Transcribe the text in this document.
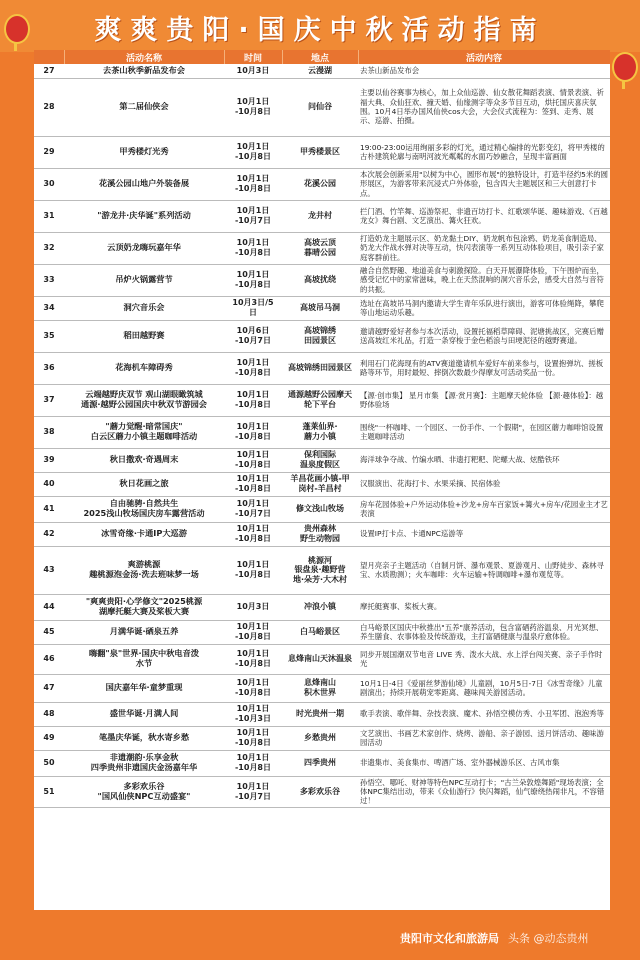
爽爽贵阳·国庆中秋活动指南
	活动名称	时间	地点	活动内容
27	去茶山秋季新品发布会	10月3日	云漫湖	去茶山新品发布会
28	第二届仙侠会	10月1日
-10月8日	问仙谷	主要以仙谷赛事为核心，加上众仙巡游、仙女散花舞蹈表演、情景表演、祈福大典、众仙狂欢、撞天婚、仙缘测字等众多节目互动，烘托国庆喜庆氛围。10月4日举办国风仙侠cos大会，大会仪式流程为：签到、走秀、展示、巡游、拍摄。
29	甲秀楼灯光秀	10月1日
-10月8日	甲秀楼景区	19:00-23:00运用绚丽多彩的灯光，通过精心编排的光影变幻，将甲秀楼的古朴建筑轮廓与南明河波光粼粼的水面巧妙融合，呈现丰富画面
30	花溪公园山地户外装备展	10月1日
-10月8日	花溪公园	本次展会创新采用"以树为中心，圆形布展"的独特设计，打造半径约5米的圆形展区，为游客带来沉浸式户外体验，包含四大主题展区和三大创意打卡点。
31	"游龙井·庆华诞"系列活动	10月1日
-10月7日	龙井村	拦门酒、竹竿舞、巡游祭祀、非遗百坊打卡、红歌颂华诞、趣味游戏、《百越龙女》舞台剧、文艺演出、篝火狂欢。
32	云顶奶龙嗨玩嘉年华	10月1日
-10月8日	高坡云顶
暮晴公园	打造奶龙主题展示区、奶龙黏土DIY、奶龙帆布包涂鸦、奶龙美食制造局、奶龙大作战水弹对决等互动，快闪表演等一系列互动体验项目，吸引亲子家庭客群前往。
33	吊炉火锅露营节	10月1日
-10月8日	高坡扰绕	融合自然野趣、地道美食与刺激探险。白天开展瀑降体验，下午围炉而坐，感受记忆中的家常滋味，晚上在天然混响的洞穴音乐会，感受大自然与音符的共振。
34	洞穴音乐会	10月3日/5
日	高坡吊马洞	选址在高坡吊马洞内邀请大学生青年乐队进行演出，游客可体验绳降，攀爬等山地运动乐趣。
35	稻田越野赛	10月6日
-10月7日	高坡锦绣
田园景区	邀请越野爱好者参与本次活动，设置托福稻草障碍、泥塘挑战区，完赛后赠送高坡红米礼品，打造一条穿梭于金色稻浪与田埂泥径的越野赛道。
36	花海机车障碍秀	10月1日
-10月8日	高坡锦绣田园景区	利用石门花海现有的ATV赛道邀请机车爱好车前来参与，设置抱弹坑、搓板路等环节，用时最短、摔倒次数最少得摩友可活动奖品一份。
37	云端越野庆双节 观山湖眼瞰筑城
通源·越野公园国庆中秋双节游园会	10月1日
-10月8日	通源越野公园摩天
轮下平台	【源·创市集】 星月市集 【源·赏月赛】：主题摩天轮体验 【源·趣体验】：越野体验场
38	"蘑力觉醒·暗常国庆"
白云区蘑力小镇主题咖啡活动	10月1日
-10月8日	蓬莱仙界·
蘑力小镇	围绕"一杯咖啡、一个园区、一份手作、一个假期"，在园区蘑力咖啡馆设置主题咖啡活动
39	秋日撒欢·奇遇周末	10月1日
-10月8日	保利国际
温泉度假区	海洋球争夺战、竹编水晒、非遗打粑粑、陀螺大战、炫酷铁环
40	秋日花画之旅	10月1日
-10月8日	羊昌花画小镇-甲
岗村-羊昌村	汉服演出、花海打卡、水果采摘、民宿体验
41	自由驰骋·自然共生
2025浅山牧场国庆房车露营活动	10月1日
-10月7日	修文浅山牧场	房车花园体验+户外运动体验+沙龙+房车百家饭+篝火+房车/花园业主才艺表演
42	冰雪奇缘·卡通IP大巡游	10月1日
-10月8日	贵州森林
野生动物园	设置IP打卡点、卡通NPC巡游等
43	爽游桃源
趣桃源泡金汤·洗去班味梦一场	10月1日
-10月8日	桃源河
银盘泉·趣野营
地·朵芳·大木村	望月亮亲子主题活动（自制月饼、瀑布观景、夏游观月、山野徒步、森林寻宝、水质勘测）；火车咖啡：火车运输+特调咖啡+瀑布观览等。
44	"爽爽贵阳·心学修文"2025桃源
湖摩托艇大赛及桨板大赛	10月3日	冲浪小镇	摩托艇赛事、桨板大赛。
45	月满华诞·硒泉五养	10月1日
-10月8日	白马峪景区	白马峪景区国庆中秋推出"五养"康养活动，包含富硒药浴温泉、月光冥想、养生膳食、农事体验及传统游戏，主打富硒健康与温泉疗愈体验。
46	嗨翻"泉"世界·国庆中秋电音泼
水节	10月1日
-10月8日	息烽南山天沐温泉	同步开展国潮双节电音 LIVE 秀、泼水大战、水上浮台闯关赛、亲子手作时光
47	国庆嘉年华·童梦重现	10月1日
-10月8日	息烽南山
积木世界	10月1日-4日《爱丽丝梦游仙境》儿童剧，10月5日-7日《冰雪奇缘》儿童剧演出；持续开展萌宠零距离、趣味闯关游园活动。
48	盛世华诞·月满人间	10月1日
-10月3日	时光贵州一期	歌手表演、歌伴舞、杂技表演、魔术、孙悟空模仿秀、小丑军团、泡泡秀等
49	笔墨庆华诞，秋水寄乡愁	10月1日
-10月8日	乡愁贵州	文艺演出、书画艺术家创作、烧烤、游船、亲子游园、送月饼活动、趣味游园活动
50	非遗潮韵·乐享金秋
四季贵州非遗国庆金汤嘉年华	10月1日
-10月8日	四季贵州	非遗集市、美食集市、啤酒广场、室外器械游乐区、古风市集
51	多彩欢乐谷
"国风仙侠NPC互动盛宴"	10月1日
-10月7日	多彩欢乐谷	孙悟空、哪吒、财神等特色NPC互动打卡；"古兰朵敦煌舞蹈"现场表演；全体NPC集结出动，带来《众仙游行》快闪舞蹈，仙气缭绕热闹非凡，不容错过！
贵阳市文化和旅游局 头条 @动态贵州
